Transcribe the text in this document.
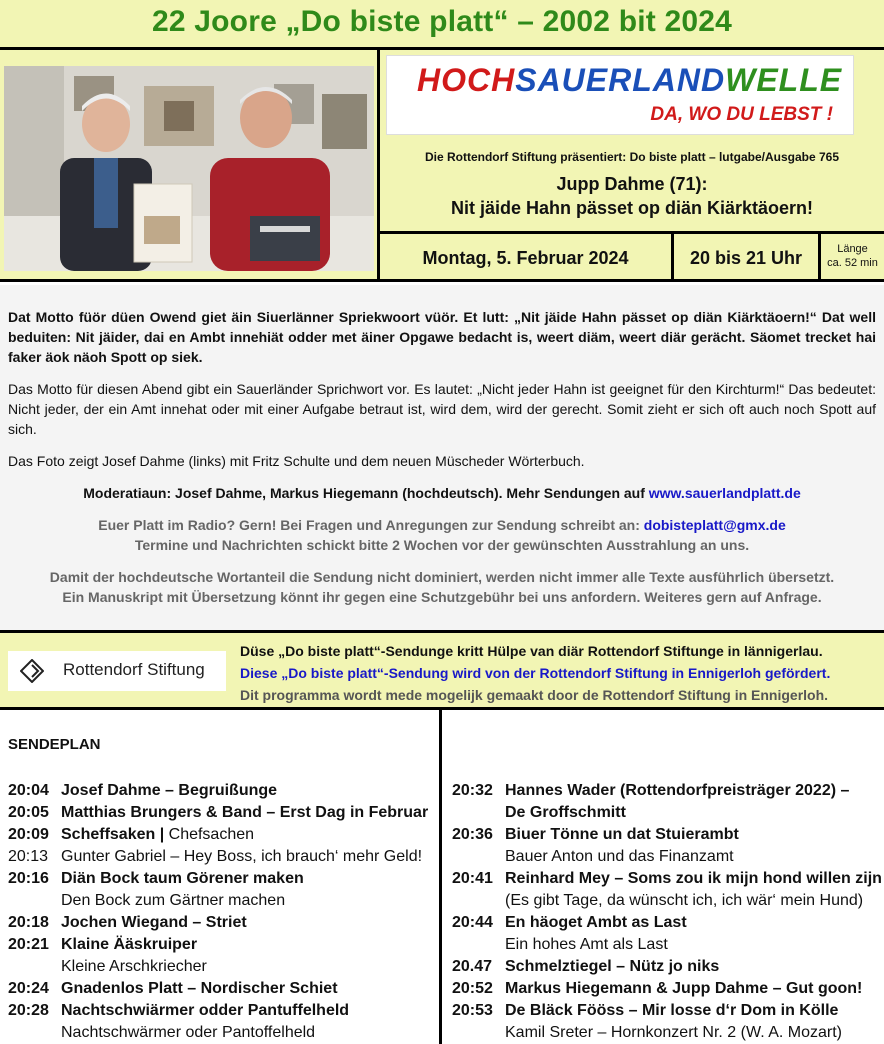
22 Joore „Do biste platt“ – 2002 bit 2024
HOCHSAUERLANDWELLE
DA, WO DU LEBST !
Die Rottendorf Stiftung präsentiert: Do biste platt – lutgabe/Ausgabe 765
Jupp Dahme (71):
Nit jäide Hahn pässet op diän Kiärktäoern!
Montag, 5. Februar 2024	20 bis 21 Uhr	Länge
ca. 52 min

Dat Motto füör düen Owend giet äin Siuerlänner Spriekwoort vüör. Et lutt: „Nit jäide Hahn pässet op diän Kiärktäoern!“ Dat well beduiten: Nit jäider, dai en Ambt innehiät odder met äiner Opgawe bedacht is, weert diäm, weert diär gerächt. Säomet trecket hai faker äok näoh Spott op siek.

Das Motto für diesen Abend gibt ein Sauerländer Sprichwort vor. Es lautet: „Nicht jeder Hahn ist geeignet für den Kirchturm!“ Das bedeutet: Nicht jeder, der ein Amt innehat oder mit einer Aufgabe betraut ist, wird dem, wird der gerecht. Somit zieht er sich oft auch noch Spott auf sich.

Das Foto zeigt Josef Dahme (links) mit Fritz Schulte und dem neuen Müscheder Wörterbuch.

Moderatiaun: Josef Dahme, Markus Hiegemann (hochdeutsch). Mehr Sendungen auf www.sauerlandplatt.de

Euer Platt im Radio? Gern! Bei Fragen und Anregungen zur Sendung schreibt an: dobisteplatt@gmx.de

Termine und Nachrichten schickt bitte 2 Wochen vor der gewünschten Ausstrahlung an uns.

Damit der hochdeutsche Wortanteil die Sendung nicht dominiert, werden nicht immer alle Texte ausführlich übersetzt.

Ein Manuskript mit Übersetzung könnt ihr gegen eine Schutzgebühr bei uns anfordern. Weiteres gern auf Anfrage.

Rottendorf Stiftung
Düse „Do biste platt“-Sendunge kritt Hülpe van diär Rottendorf Stiftunge in lännigerlau.
Diese „Do biste platt“-Sendung wird von der Rottendorf Stiftung in Ennigerloh gefördert.
Dit programma wordt mede mogelijk gemaakt door de Rottendorf Stiftung in Ennigerloh.
SENDEPLAN
20:04 Josef Dahme – Begruißunge
20:05 Matthias Brungers & Band – Erst Dag in Februar
20:09 Scheffsaken | Chefsachen
20:13 Gunter Gabriel – Hey Boss, ich brauch‘ mehr Geld!
20:16 Diän Bock taum Görener maken
Den Bock zum Gärtner machen
20:18 Jochen Wiegand – Striet
20:21 Klaine Ääskruiper
Kleine Arschkriecher
20:24 Gnadenlos Platt – Nordischer Schiet
20:28 Nachtschwiärmer odder Pantuffelheld
Nachtschwärmer oder Pantoffelheld
20:32 Hannes Wader (Rottendorfpreisträger 2022) –
De Groffschmitt
20:36 Biuer Tönne un dat Stuierambt
Bauer Anton und das Finanzamt
20:41 Reinhard Mey – Soms zou ik mijn hond willen zijn
(Es gibt Tage, da wünscht ich, ich wär‘ mein Hund)
20:44 En häoget Ambt as Last
Ein hohes Amt als Last
20.47 Schmelztiegel – Nütz jo niks
20:52 Markus Hiegemann & Jupp Dahme – Gut goon!
20:53 De Bläck Fööss – Mir losse d‘r Dom in Kölle
Kamil Sreter – Hornkonzert Nr. 2 (W. A. Mozart)
